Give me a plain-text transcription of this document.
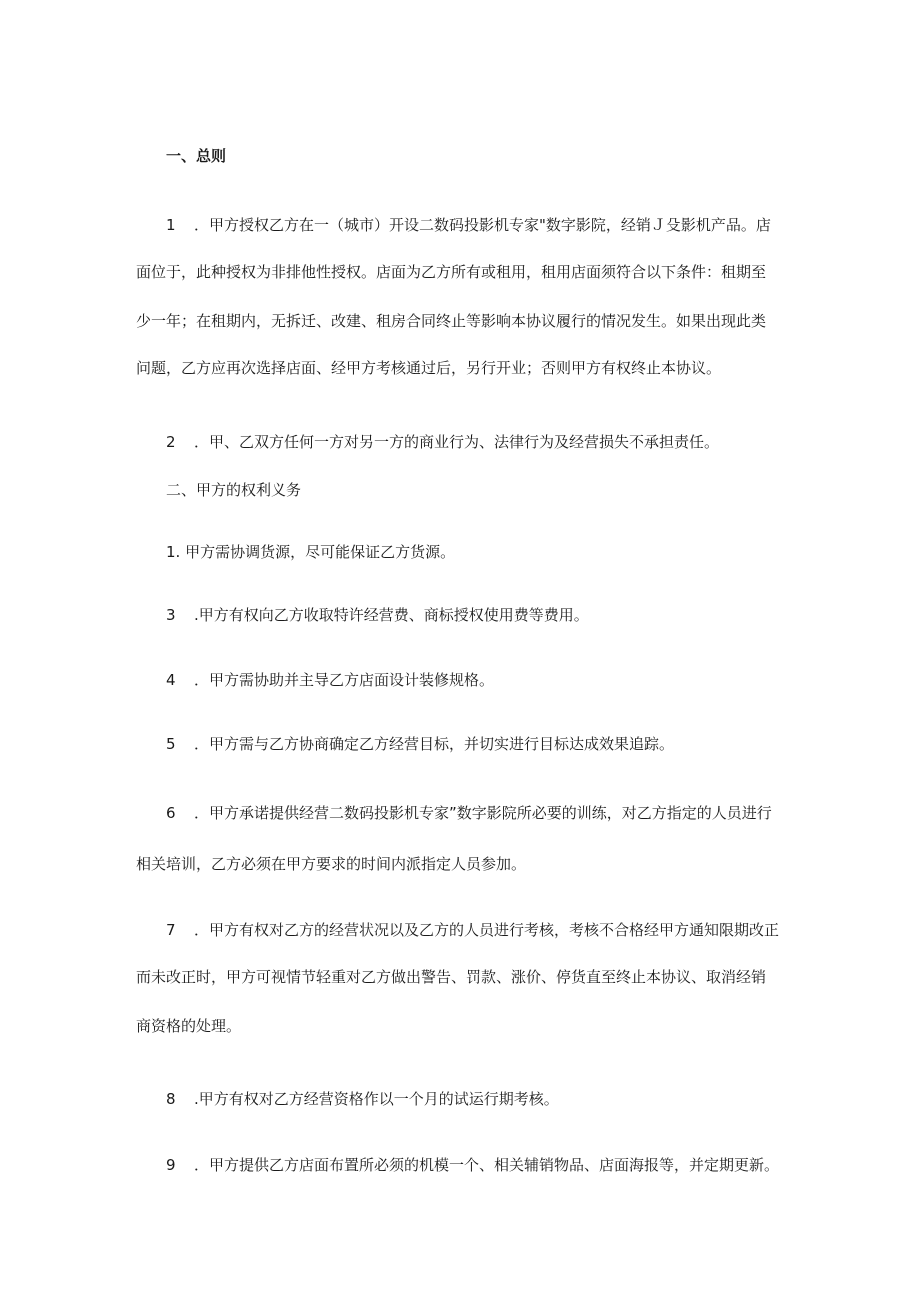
一、总则
1 ．甲方授权乙方在一（城市）开设二数码投影机专家"数字影院，经销Ｊ殳影机产品。店
面位于，此种授权为非排他性授权。店面为乙方所有或租用，租用店面须符合以下条件：租期至
少一年；在租期内，无拆迁、改建、租房合同终止等影响本协议履行的情况发生。如果出现此类
问题，乙方应再次选择店面、经甲方考核通过后，另行开业；否则甲方有权终止本协议。
2 ．甲、乙双方任何一方对另一方的商业行为、法律行为及经营损失不承担责任。
二、甲方的权利义务
1. 甲方需协调货源，尽可能保证乙方货源。
3 .甲方有权向乙方收取特许经营费、商标授权使用费等费用。
4 ．甲方需协助并主导乙方店面设计装修规格。
5 ．甲方需与乙方协商确定乙方经营目标，并切实进行目标达成效果追踪。
6 ．甲方承诺提供经营二数码投影机专家”数字影院所必要的训练，对乙方指定的人员进行
相关培训，乙方必须在甲方要求的时间内派指定人员参加。
7 ．甲方有权对乙方的经营状况以及乙方的人员进行考核，考核不合格经甲方通知限期改正
而未改正时，甲方可视情节轻重对乙方做出警告、罚款、涨价、停货直至终止本协议、取消经销
商资格的处理。
8 .甲方有权对乙方经营资格作以一个月的试运行期考核。
9 ．甲方提供乙方店面布置所必须的机模一个、相关辅销物品、店面海报等，并定期更新。
